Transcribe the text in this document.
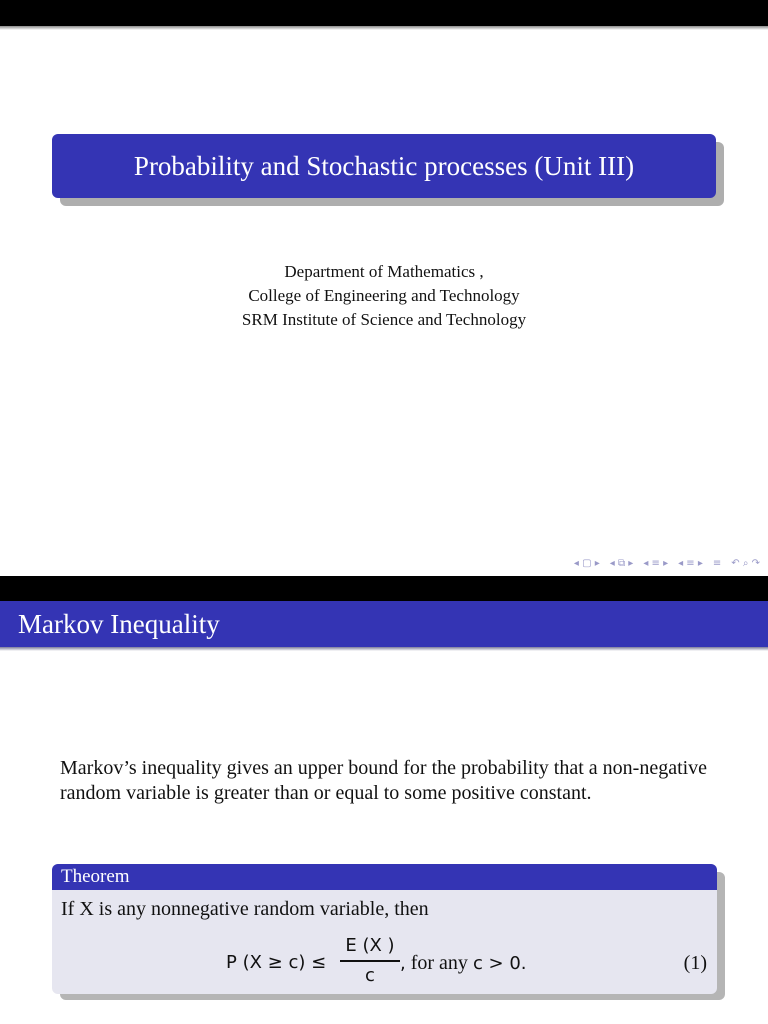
Probability and Stochastic processes (Unit III)
Department of Mathematics ,
College of Engineering and Technology
SRM Institute of Science and Technology
◂ ▢ ▸ ◂ ⧉ ▸ ◂ ≡ ▸ ◂ ≡ ▸ ≡ ↶ ⌕ ↷
Markov Inequality
Markov’s inequality gives an upper bound for the probability that a non-negative random variable is greater than or equal to some positive constant.
Theorem
If X is any nonnegative random variable, then
P (X ≥ c) ≤
E (X )
c
, for any c > 0.	(1)
